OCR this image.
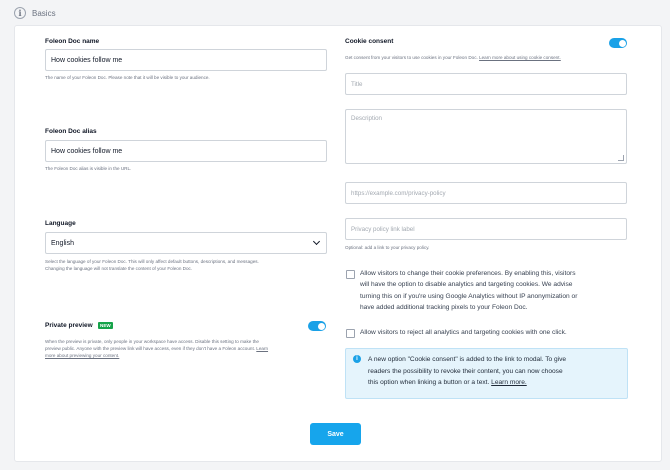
i	Basics
Foleon Doc name
How cookies follow me
The name of your Foleon Doc. Please note that it will be visible to your audience.
Foleon Doc alias
How cookies follow me
The Foleon Doc alias is visible in the URL.
Language
English
Select the language of your Foleon Doc. This will only affect default buttons, descriptions, and messages.
Changing the language will not translate the content of your Foleon Doc.
Private preview	NEW
When the preview is private, only people in your workspace have access. Disable this setting to make the
preview public. Anyone with the preview link will have access, even if they don't have a Foleon account. Learn
more about previewing your content.
Cookie consent
Get consent from your visitors to use cookies in your Foleon Doc. Learn more about using cookie consent.
Title
Description
https://example.com/privacy-policy
Privacy policy link label
Optional: add a link to your privacy policy.
Allow visitors to change their cookie preferences. By enabling this, visitors
will have the option to disable analytics and targeting cookies. We advise
turning this on if you're using Google Analytics without IP anonymization or
have added additional tracking pixels to your Foleon Doc.
Allow visitors to reject all analytics and targeting cookies with one click.
i	A new option "Cookie consent" is added to the link to modal. To give
readers the possibility to revoke their content, you can now choose
this option when linking a button or a text. Learn more.
Save
